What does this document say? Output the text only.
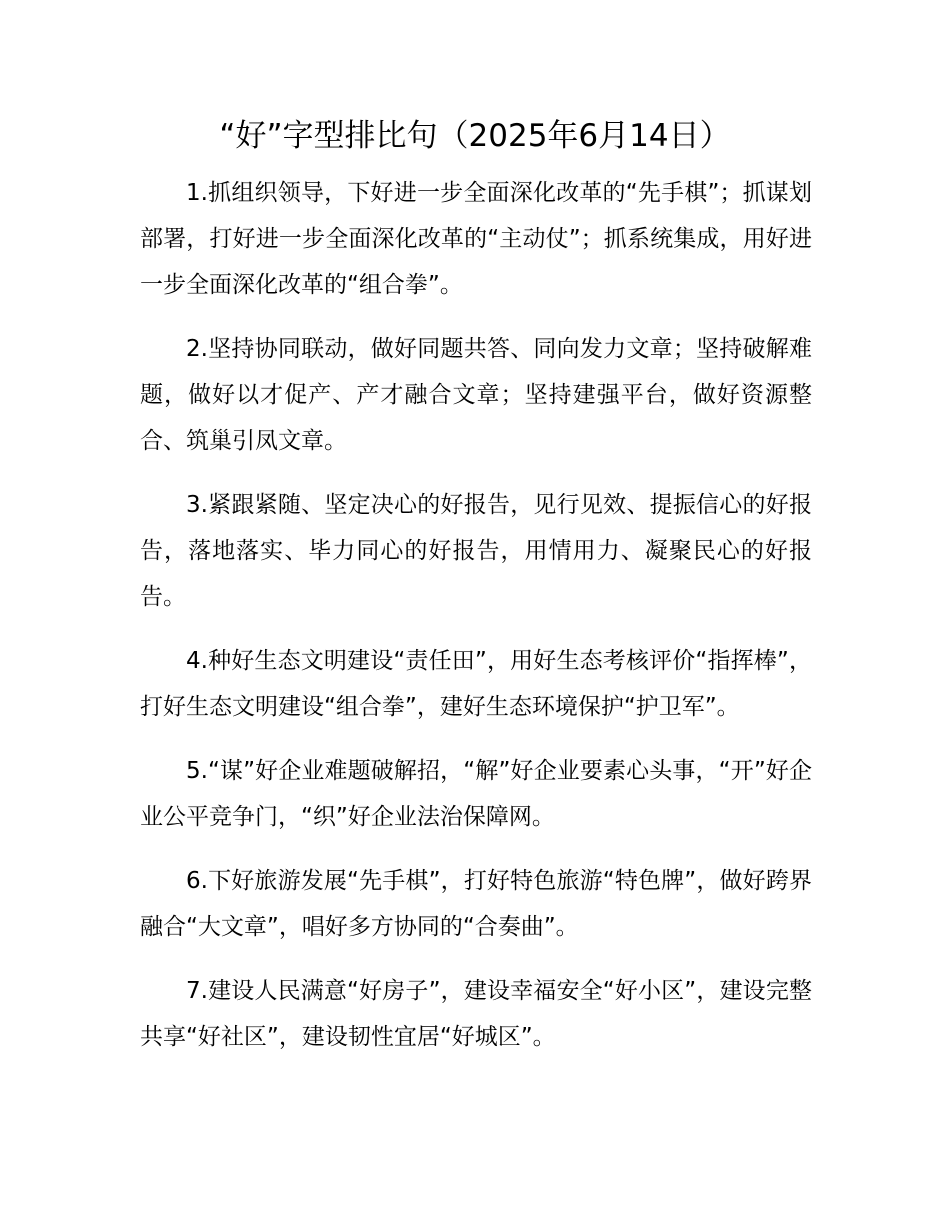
“好”字型排比句（2025年6月14日）

1.抓组织领导，下好进一步全面深化改革的“先手棋”；抓谋划部署，打好进一步全面深化改革的“主动仗”；抓系统集成，用好进一步全面深化改革的“组合拳”。

2.坚持协同联动，做好同题共答、同向发力文章；坚持破解难题，做好以才促产、产才融合文章；坚持建强平台，做好资源整合、筑巢引凤文章。

3.紧跟紧随、坚定决心的好报告，见行见效、提振信心的好报告，落地落实、毕力同心的好报告，用情用力、凝聚民心的好报告。

4.种好生态文明建设“责任田”，用好生态考核评价“指挥棒”，打好生态文明建设“组合拳”，建好生态环境保护“护卫军”。

5.“谋”好企业难题破解招，“解”好企业要素心头事，“开”好企业公平竞争门，“织”好企业法治保障网。

6.下好旅游发展“先手棋”，打好特色旅游“特色牌”，做好跨界融合“大文章”，唱好多方协同的“合奏曲”。

7.建设人民满意“好房子”，建设幸福安全“好小区”，建设完整共享“好社区”，建设韧性宜居“好城区”。
